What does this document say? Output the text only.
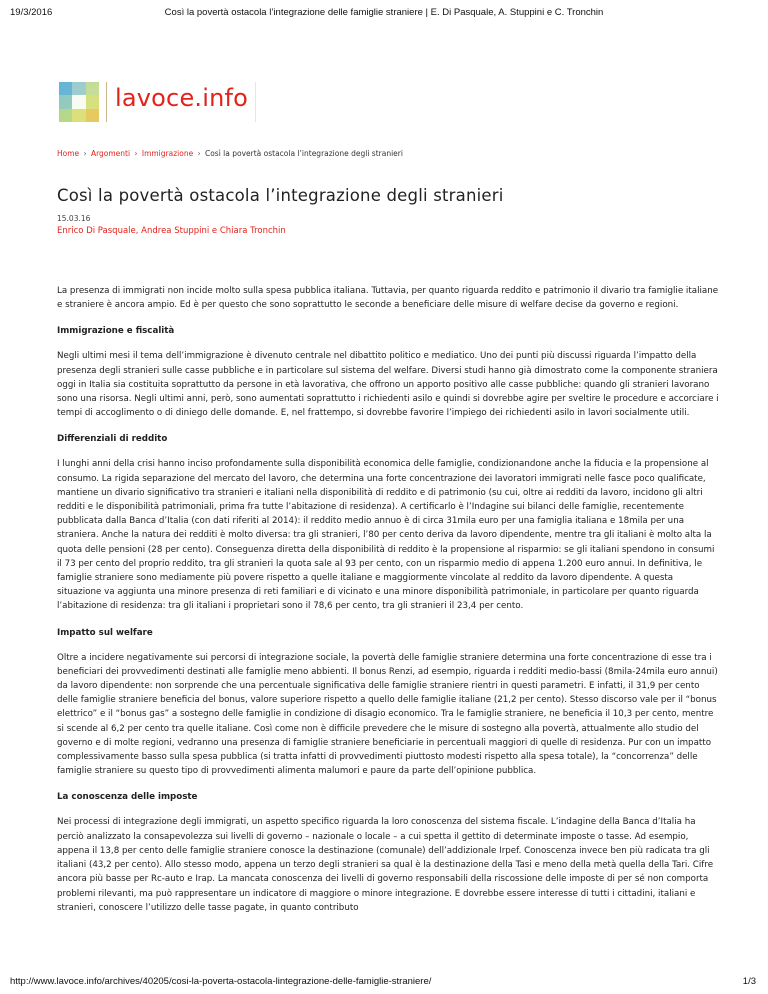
19/3/2016	Così la povertà ostacola l’integrazione delle famiglie straniere | E. Di Pasquale, A. Stuppini e C. Tronchin
lavoce.info
Home › Argomenti › Immigrazione › Così la povertà ostacola l’integrazione degli stranieri
Così la povertà ostacola l’integrazione degli stranieri
15.03.16
Enrico Di Pasquale, Andrea Stuppini e Chiara Tronchin

La presenza di immigrati non incide molto sulla spesa pubblica italiana. Tuttavia, per quanto riguarda reddito e patrimonio il divario tra famiglie italiane e straniere è ancora ampio. Ed è per questo che sono soprattutto le seconde a beneficiare delle misure di welfare decise da governo e regioni.

Immigrazione e fiscalità

Negli ultimi mesi il tema dell’immigrazione è divenuto centrale nel dibattito politico e mediatico. Uno dei punti più discussi riguarda l’impatto della presenza degli stranieri sulle casse pubbliche e in particolare sul sistema del welfare. Diversi studi hanno già dimostrato come la componente straniera oggi in Italia sia costituita soprattutto da persone in età lavorativa, che offrono un apporto positivo alle casse pubbliche: quando gli stranieri lavorano sono una risorsa. Negli ultimi anni, però, sono aumentati soprattutto i richiedenti asilo e quindi si dovrebbe agire per sveltire le procedure e accorciare i tempi di accoglimento o di diniego delle domande. E, nel frattempo, si dovrebbe favorire l’impiego dei richiedenti asilo in lavori socialmente utili.

Differenziali di reddito

I lunghi anni della crisi hanno inciso profondamente sulla disponibilità economica delle famiglie, condizionandone anche la fiducia e la propensione al consumo. La rigida separazione del mercato del lavoro, che determina una forte concentrazione dei lavoratori immigrati nelle fasce poco qualificate, mantiene un divario significativo tra stranieri e italiani nella disponibilità di reddito e di patrimonio (su cui, oltre ai redditi da lavoro, incidono gli altri redditi e le disponibilità patrimoniali, prima fra tutte l’abitazione di residenza). A certificarlo è l’Indagine sui bilanci delle famiglie, recentemente pubblicata dalla Banca d’Italia (con dati riferiti al 2014): il reddito medio annuo è di circa 31mila euro per una famiglia italiana e 18mila per una straniera. Anche la natura dei redditi è molto diversa: tra gli stranieri, l’80 per cento deriva da lavoro dipendente, mentre tra gli italiani è molto alta la quota delle pensioni (28 per cento). Conseguenza diretta della disponibilità di reddito è la propensione al risparmio: se gli italiani spendono in consumi il 73 per cento del proprio reddito, tra gli stranieri la quota sale al 93 per cento, con un risparmio medio di appena 1.200 euro annui. In definitiva, le famiglie straniere sono mediamente più povere rispetto a quelle italiane e maggiormente vincolate al reddito da lavoro dipendente. A questa situazione va aggiunta una minore presenza di reti familiari e di vicinato e una minore disponibilità patrimoniale, in particolare per quanto riguarda l’abitazione di residenza: tra gli italiani i proprietari sono il 78,6 per cento, tra gli stranieri il 23,4 per cento.

Impatto sul welfare

Oltre a incidere negativamente sui percorsi di integrazione sociale, la povertà delle famiglie straniere determina una forte concentrazione di esse tra i beneficiari dei provvedimenti destinati alle famiglie meno abbienti. Il bonus Renzi, ad esempio, riguarda i redditi medio-bassi (8mila-24mila euro annui) da lavoro dipendente: non sorprende che una percentuale significativa delle famiglie straniere rientri in questi parametri. E infatti, il 31,9 per cento delle famiglie straniere beneficia del bonus, valore superiore rispetto a quello delle famiglie italiane (21,2 per cento). Stesso discorso vale per il “bonus elettrico” e il “bonus gas” a sostegno delle famiglie in condizione di disagio economico. Tra le famiglie straniere, ne beneficia il 10,3 per cento, mentre si scende al 6,2 per cento tra quelle italiane. Così come non è difficile prevedere che le misure di sostegno alla povertà, attualmente allo studio del governo e di molte regioni, vedranno una presenza di famiglie straniere beneficiarie in percentuali maggiori di quelle di residenza. Pur con un impatto complessivamente basso sulla spesa pubblica (si tratta infatti di provvedimenti piuttosto modesti rispetto alla spesa totale), la “concorrenza” delle famiglie straniere su questo tipo di provvedimenti alimenta malumori e paure da parte dell’opinione pubblica.

La conoscenza delle imposte

Nei processi di integrazione degli immigrati, un aspetto specifico riguarda la loro conoscenza del sistema fiscale. L’indagine della Banca d’Italia ha perciò analizzato la consapevolezza sui livelli di governo – nazionale o locale – a cui spetta il gettito di determinate imposte o tasse. Ad esempio, appena il 13,8 per cento delle famiglie straniere conosce la destinazione (comunale) dell’addizionale Irpef. Conoscenza invece ben più radicata tra gli italiani (43,2 per cento). Allo stesso modo, appena un terzo degli stranieri sa qual è la destinazione della Tasi e meno della metà quella della Tari. Cifre ancora più basse per Rc-auto e Irap. La mancata conoscenza dei livelli di governo responsabili della riscossione delle imposte di per sé non comporta problemi rilevanti, ma può rappresentare un indicatore di maggiore o minore integrazione. E dovrebbe essere interesse di tutti i cittadini, italiani e stranieri, conoscere l’utilizzo delle tasse pagate, in quanto contributo

http://www.lavoce.info/archives/40205/cosi-la-poverta-ostacola-lintegrazione-delle-famiglie-straniere/	1/3
